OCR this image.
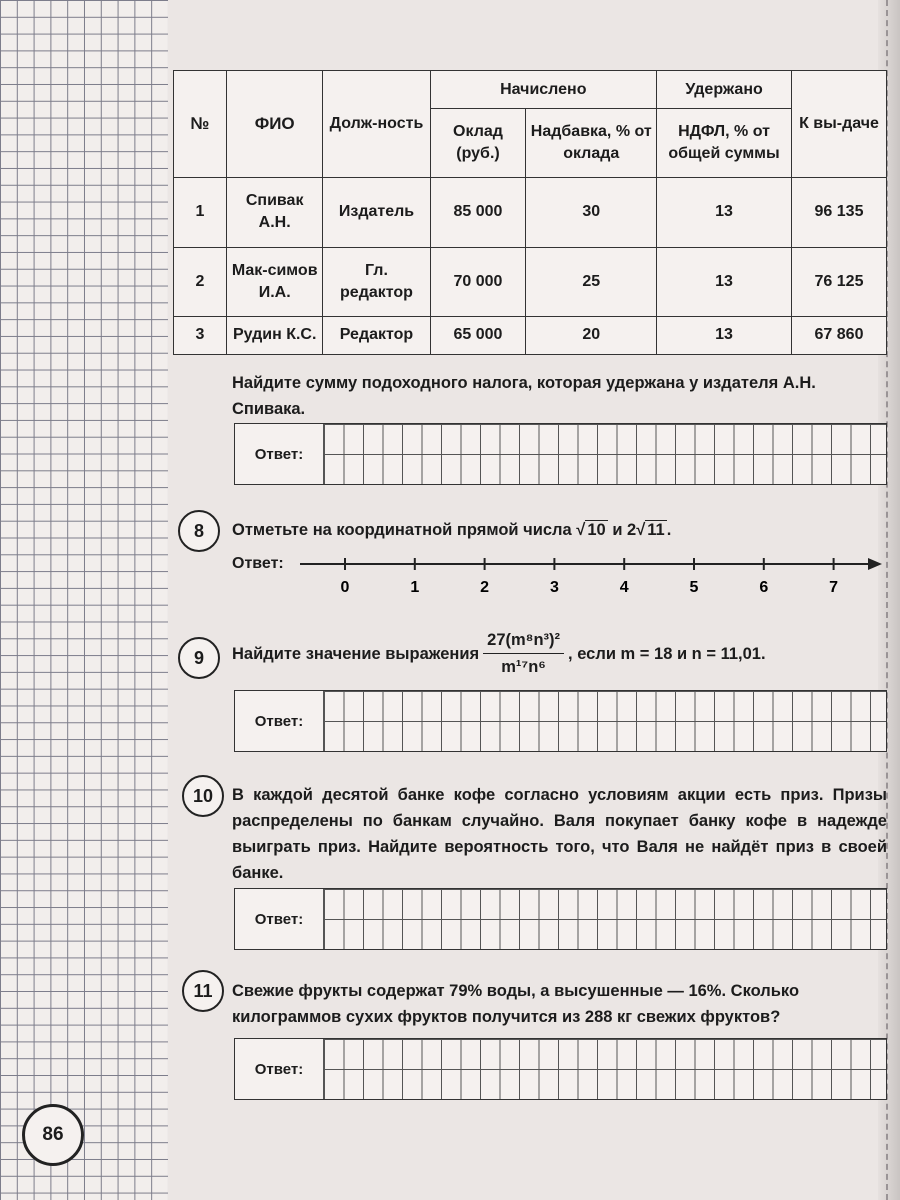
№	ФИО	Долж-ность	Начислено		Удержано	К вы-даче
			Оклад (руб.)	Надбавка, % от оклада	НДФЛ, % от общей суммы	
1	Спивак А.Н.	Издатель	85 000	30	13	96 135
2	Мак-симов И.А.	Гл. редактор	70 000	25	13	76 125
3	Рудин К.С.	Редактор	65 000	20	13	67 860
Найдите сумму подоходного налога, которая удержана у издателя А.Н. Спивака.
Ответ:
8	Отметьте на координатной прямой числа √ 10 и 2√ 11 .
Ответ:
0	1	2	3	4	5	6	7
9	Найдите значение выражения $\frac{\text{27(m⁸n³)²}}{\text{m¹⁷n⁶}}$ , если m = 18 и n = 11,01.
Ответ:
10	В каждой десятой банке кофе согласно условиям акции есть приз. Призы распределены по банкам случайно. Валя покупает банку кофе в надежде выиграть приз. Найдите вероятность того, что Валя не найдёт приз в своей банке.
Ответ:
11	Свежие фрукты содержат 79% воды, а высушенные — 16%. Сколько килограммов сухих фруктов получится из 288 кг свежих фруктов?
Ответ:
86
